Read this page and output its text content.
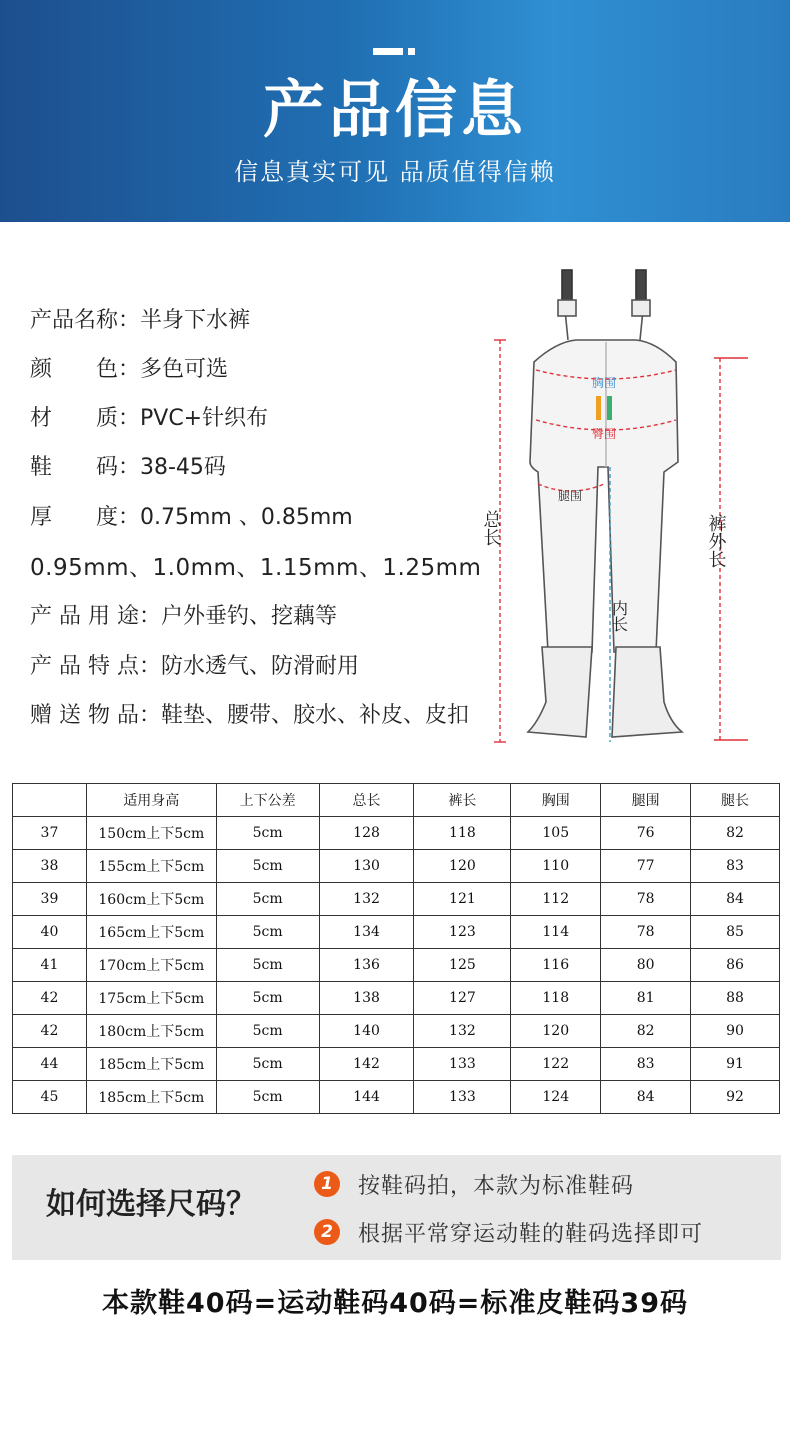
产品信息
信息真实可见 品质值得信赖
产品名称：半身下水裤
颜　　色：多色可选
材　　质：PVC+针织布
鞋　　码：38-45码
厚　　度：0.75mm 、0.85mm
0.95mm、1.0mm、1.15mm、1.25mm
产 品 用 途：户外垂钓、挖藕等
产 品 特 点：防水透气、防滑耐用
赠 送 物 品：鞋垫、腰带、胶水、补皮、皮扣
胸围
臀围
腿围
总长	裤外长
内长
	适用身高	上下公差	总长	裤长	胸围	腿围	腿长
37	150cm上下5cm	5cm	128	118	105	76	82
38	155cm上下5cm	5cm	130	120	110	77	83
39	160cm上下5cm	5cm	132	121	112	78	84
40	165cm上下5cm	5cm	134	123	114	78	85
41	170cm上下5cm	5cm	136	125	116	80	86
42	175cm上下5cm	5cm	138	127	118	81	88
42	180cm上下5cm	5cm	140	132	120	82	90
44	185cm上下5cm	5cm	142	133	122	83	91
45	185cm上下5cm	5cm	144	133	124	84	92
如何选择尺码？
1	按鞋码拍，本款为标准鞋码
2	根据平常穿运动鞋的鞋码选择即可
本款鞋40码=运动鞋码40码=标准皮鞋码39码
